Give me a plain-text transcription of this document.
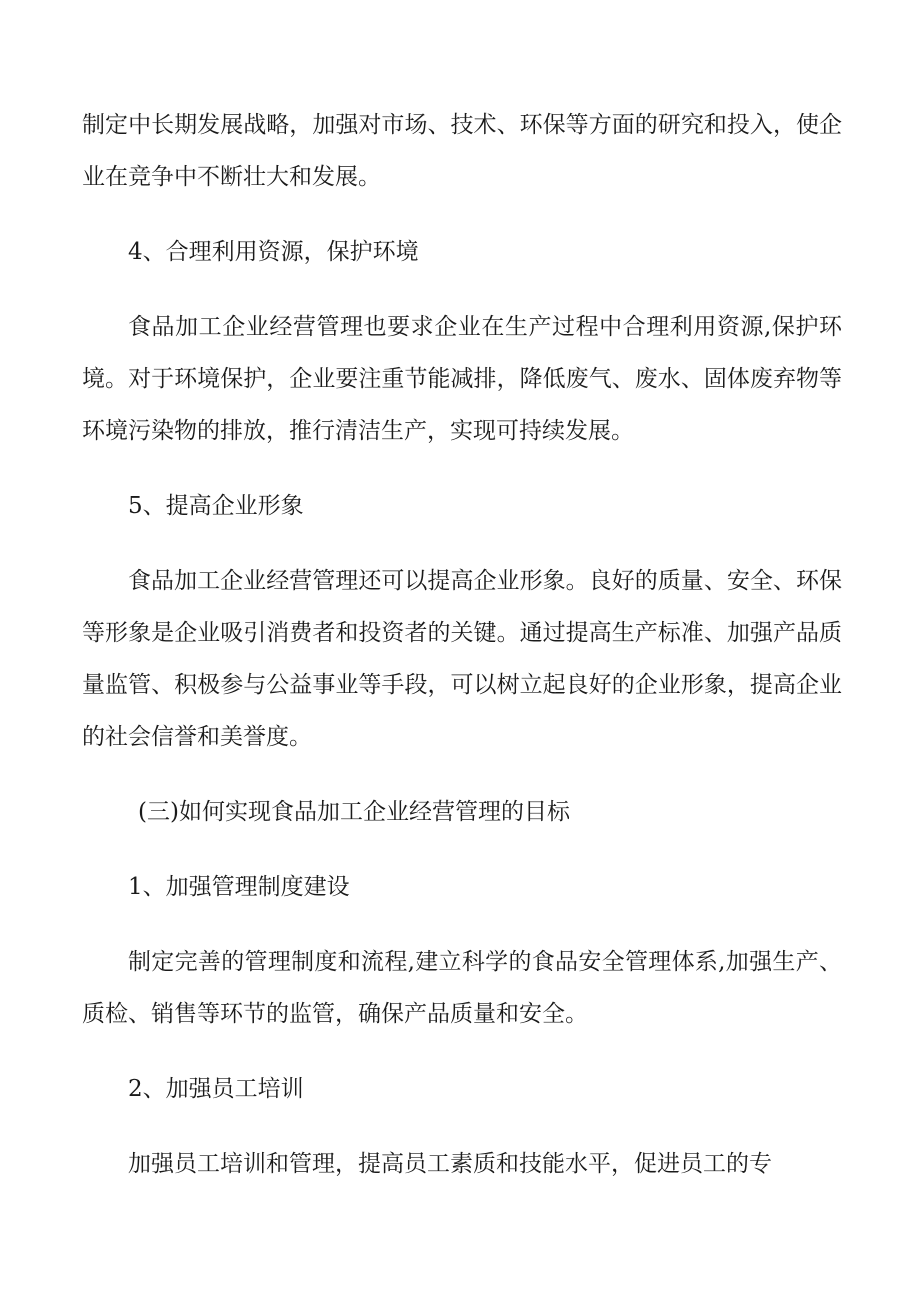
制定中长期发展战略，加强对市场、技术、环保等方面的研究和投入，使企业在竞争中不断壮大和发展。

4、合理利用资源，保护环境

食品加工企业经营管理也要求企业在生产过程中合理利用资源,保护环境。对于环境保护，企业要注重节能减排，降低废气、废水、固体废弃物等环境污染物的排放，推行清洁生产，实现可持续发展。

5、提高企业形象

食品加工企业经营管理还可以提高企业形象。良好的质量、安全、环保等形象是企业吸引消费者和投资者的关键。通过提高生产标准、加强产品质量监管、积极参与公益事业等手段，可以树立起良好的企业形象，提高企业的社会信誉和美誉度。

(三)如何实现食品加工企业经营管理的目标

1、加强管理制度建设

制定完善的管理制度和流程,建立科学的食品安全管理体系,加强生产、质检、销售等环节的监管，确保产品质量和安全。

2、加强员工培训

加强员工培训和管理，提高员工素质和技能水平，促进员工的专
